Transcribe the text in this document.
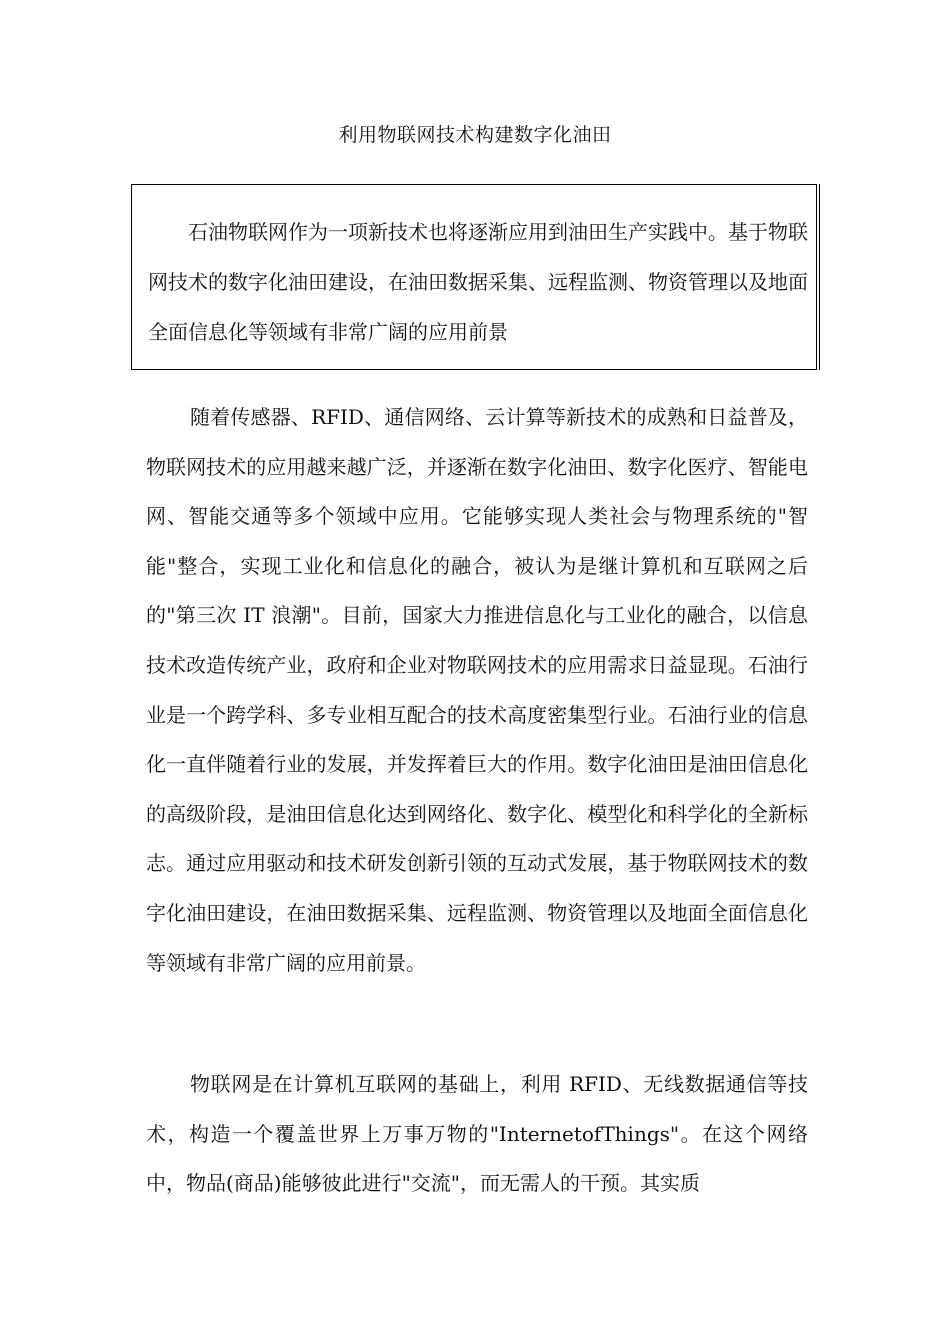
利用物联网技术构建数字化油田

石油物联网作为一项新技术也将逐渐应用到油田生产实践中。基于物联网技术的数字化油田建设，在油田数据采集、远程监测、物资管理以及地面全面信息化等领域有非常广阔的应用前景

随着传感器、RFID、通信网络、云计算等新技术的成熟和日益普及，物联网技术的应用越来越广泛，并逐渐在数字化油田、数字化医疗、智能电网、智能交通等多个领域中应用。它能够实现人类社会与物理系统的"智能"整合，实现工业化和信息化的融合，被认为是继计算机和互联网之后的"第三次 IT 浪潮"。目前，国家大力推进信息化与工业化的融合，以信息技术改造传统产业，政府和企业对物联网技术的应用需求日益显现。石油行业是一个跨学科、多专业相互配合的技术高度密集型行业。石油行业的信息化一直伴随着行业的发展，并发挥着巨大的作用。数字化油田是油田信息化的高级阶段，是油田信息化达到网络化、数字化、模型化和科学化的全新标志。通过应用驱动和技术研发创新引领的互动式发展，基于物联网技术的数字化油田建设，在油田数据采集、远程监测、物资管理以及地面全面信息化等领域有非常广阔的应用前景。

物联网是在计算机互联网的基础上，利用 RFID、无线数据通信等技术，构造一个覆盖世界上万事万物的"InternetofThings"。在这个网络中，物品(商品)能够彼此进行"交流"，而无需人的干预。其实质
